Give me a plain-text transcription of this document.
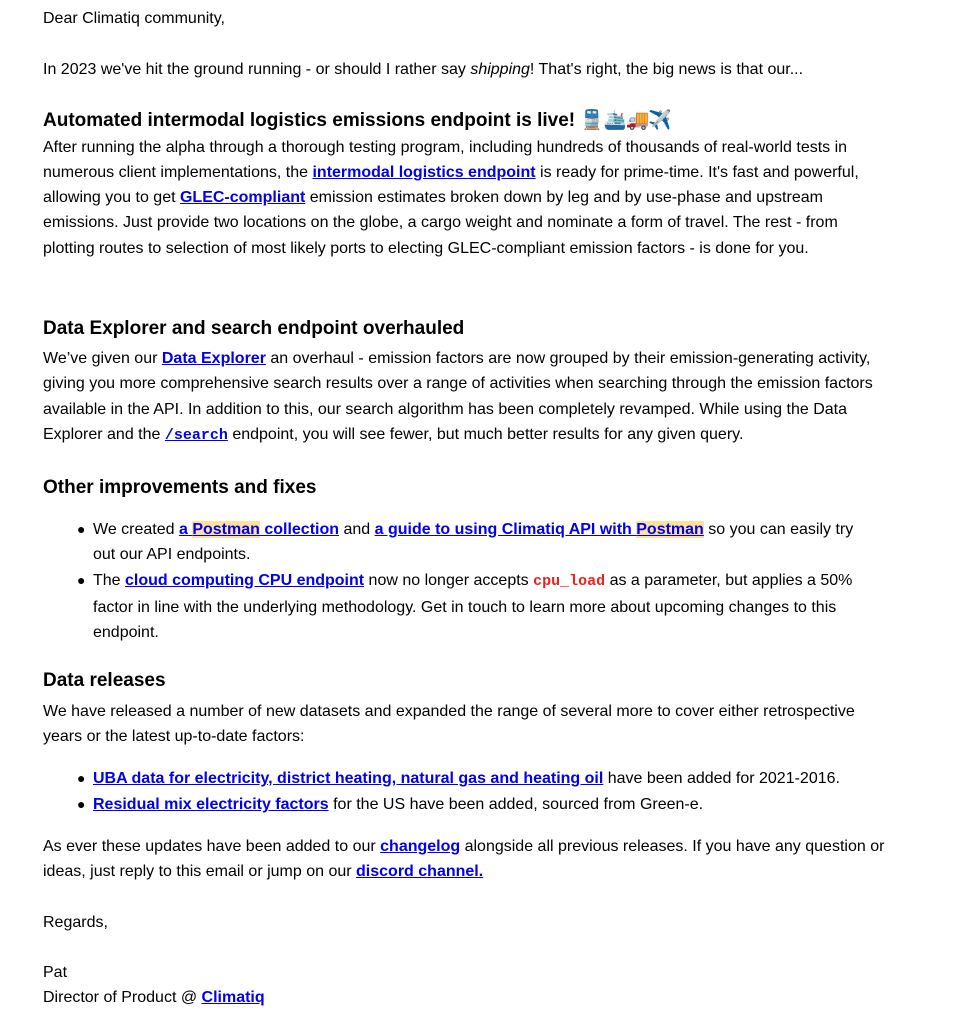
Dear Climatiq community,
In 2023 we've hit the ground running - or should I rather say shipping! That's right, the big news is that our...
Automated intermodal logistics emissions endpoint is live! 🚆🛳️🚚✈️
After running the alpha through a thorough testing program, including hundreds of thousands of real-world tests in
numerous client implementations, the intermodal logistics endpoint is ready for prime-time. It's fast and powerful,
allowing you to get GLEC-compliant emission estimates broken down by leg and by use-phase and upstream
emissions. Just provide two locations on the globe, a cargo weight and nominate a form of travel. The rest - from
plotting routes to selection of most likely ports to electing GLEC-compliant emission factors - is done for you.
Data Explorer and search endpoint overhauled
We’ve given our Data Explorer an overhaul - emission factors are now grouped by their emission-generating activity,
giving you more comprehensive search results over a range of activities when searching through the emission factors
available in the API. In addition to this, our search algorithm has been completely revamped. While using the Data
Explorer and the /search endpoint, you will see fewer, but much better results for any given query.
Other improvements and fixes
● We created a Postman collection and a guide to using Climatiq API with Postman so you can easily try
out our API endpoints.
● The cloud computing CPU endpoint now no longer accepts cpu_load as a parameter, but applies a 50%
factor in line with the underlying methodology. Get in touch to learn more about upcoming changes to this
endpoint.
Data releases
We have released a number of new datasets and expanded the range of several more to cover either retrospective
years or the latest up-to-date factors:
● UBA data for electricity, district heating, natural gas and heating oil have been added for 2021-2016.
● Residual mix electricity factors for the US have been added, sourced from Green-e.
As ever these updates have been added to our changelog alongside all previous releases. If you have any question or
ideas, just reply to this email or jump on our discord channel.
Regards,
Pat
Director of Product @ Climatiq
